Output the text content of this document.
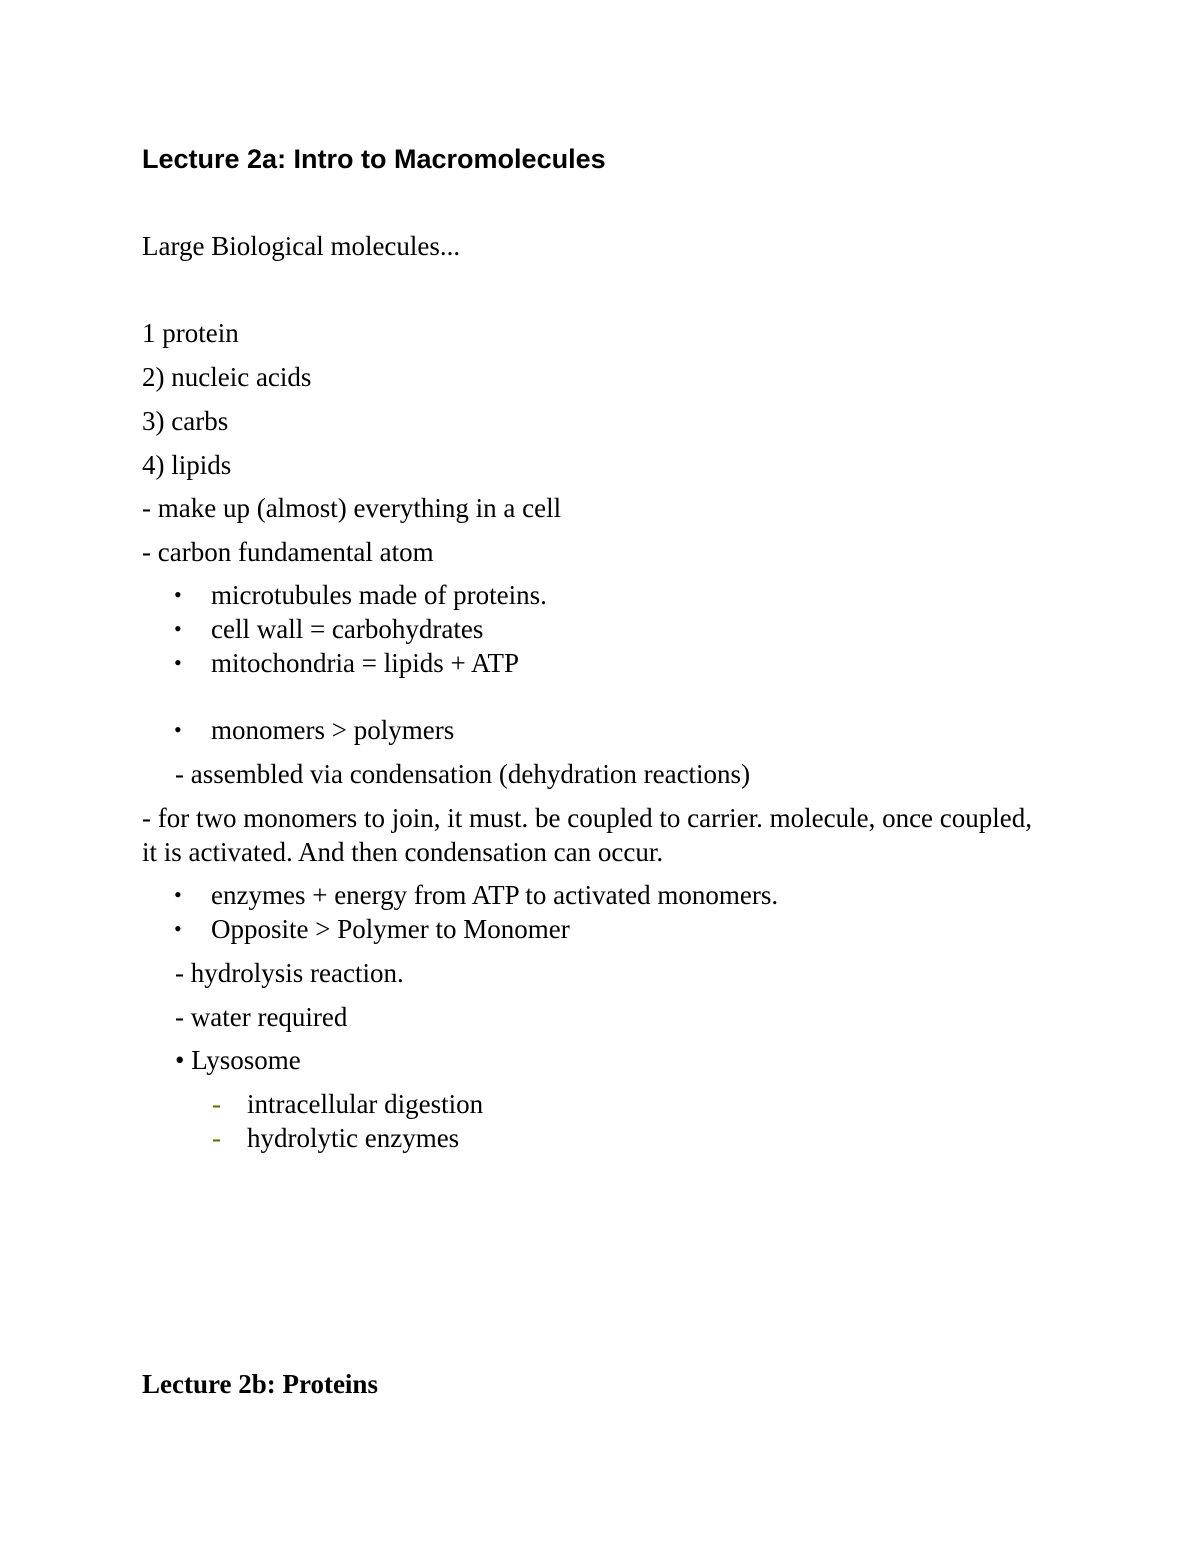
Lecture 2a: Intro to Macromolecules
Large Biological molecules...
1 protein
2) nucleic acids
3) carbs
4) lipids
- make up (almost) everything in a cell
- carbon fundamental atom
• microtubules made of proteins.
• cell wall = carbohydrates
• mitochondria = lipids + ATP
• monomers > polymers
- assembled via condensation (dehydration reactions)
- for two monomers to join, it must. be coupled to carrier. molecule, once coupled, it is activated. And then condensation can occur.
• enzymes + energy from ATP to activated monomers.
• Opposite > Polymer to Monomer
- hydrolysis reaction.
- water required
• Lysosome
- intracellular digestion
- hydrolytic enzymes
Lecture 2b: Proteins
